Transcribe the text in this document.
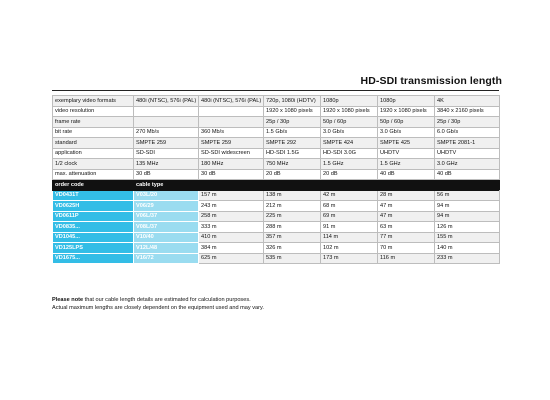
HD-SDI transmission length
exemplary video formats	480i (NTSC), 576i (PAL)	480i (NTSC), 576i (PAL)	720p, 1080i (HDTV)	1080p	1080p	4K	
video resolution			1920 x 1080 pixels	1920 x 1080 pixels	1920 x 1080 pixels	3840 x 2160 pixels	
frame rate			25p / 30p	50p / 60p	50p / 60p	25p / 30p	
bit rate	270 Mb/s	360 Mb/s	1.5 Gb/s	3.0 Gb/s	3.0 Gb/s	6.0 Gb/s	
standard	SMPTE 259	SMPTE 259	SMPTE 292	SMPTE 424	SMPTE 425	SMPTE 2081-1	
application	SD-SDI	SD-SDI widescreen	HD-SDI 1.5G	HD-SDI 3.0G	UHDTV	UHDTV	
1/2 clock	135 MHz	180 MHz	750 MHz	1.5 GHz	1.5 GHz	3.0 GHz	
max. attenuation	30 dB	30 dB	20 dB	20 dB	40 dB	40 dB	
order code	cable type						
VD0431T	V03L/20	157 m	138 m	42 m	28 m	56 m	
VD0625H	V06/29	243 m	212 m	68 m	47 m	94 m	
VD0611P	V06L/37	258 m	225 m	69 m	47 m	94 m	
VD0835...	V08L/37	333 m	288 m	91 m	63 m	126 m	
VD1045...	V10/40	410 m	357 m	114 m	77 m	155 m	
VD125LPS	V12L/48	384 m	326 m	102 m	70 m	140 m	
VD1675...	V16/72	625 m	535 m	173 m	116 m	233 m	
Please note that our cable length details are estimated for calculation purposes.
Actual maximum lengths are closely dependent on the equipment used and may vary.
